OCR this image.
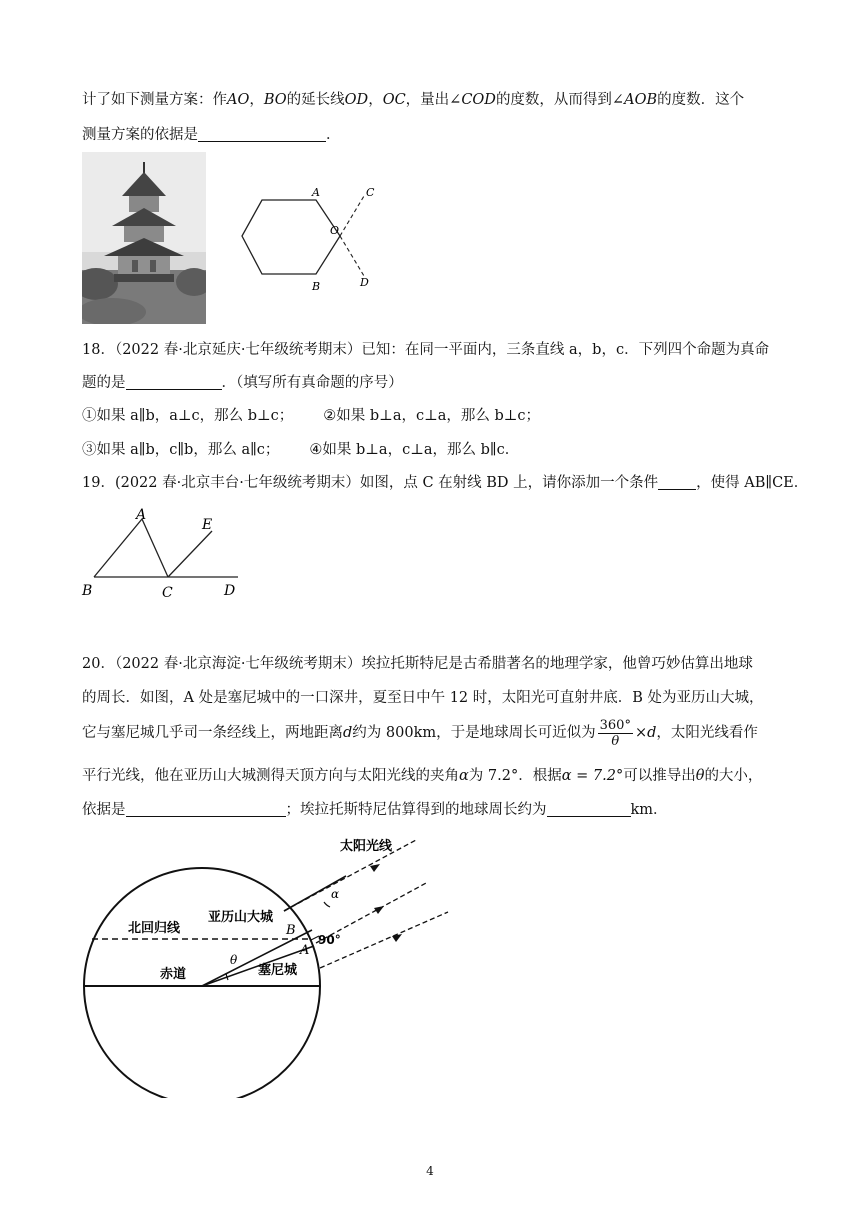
计了如下测量方案：作AO，BO的延长线OD，OC，量出∠COD的度数，从而得到∠AOB的度数．这个
测量方案的依据是	．
A
B
C
D
O
18．（2022 春·北京延庆·七年级统考期末）已知：在同一平面内，三条直线 a，b，c．下列四个命题为真命
题的是	．（填写所有真命题的序号）
①如果 a∥b，a⊥c，那么 b⊥c； ②如果 b⊥a，c⊥a，那么 b⊥c；
③如果 a∥b，c∥b，那么 a∥c； ④如果 b⊥a，c⊥a，那么 b∥c．
19．(2022 春·北京丰台·七年级统考期末）如图，点 C 在射线 BD 上，请你添加一个条件	，使得 AB∥CE．
A
B	C	D
E
20．（2022 春·北京海淀·七年级统考期末）埃拉托斯特尼是古希腊著名的地理学家，他曾巧妙估算出地球
的周长．如图，A 处是塞尼城中的一口深井，夏至日中午 12 时，太阳光可直射井底．B 处为亚历山大城，
它与塞尼城几乎司一条经线上，两地距离d约为 800km，于是地球周长可近似为 $\frac{360^\circ}{\theta} \times d$，太阳光线看作
平行光线，他在亚历山大城测得天顶方向与太阳光线的夹角α为 7.2°．根据α = 7.2°可以推导出θ的大小，
依据是	；埃拉托斯特尼估算得到的地球周长约为	km．
太阳光线
亚历山大城
北回归线
赤道	塞尼城
B
A
α
θ
90°
4
